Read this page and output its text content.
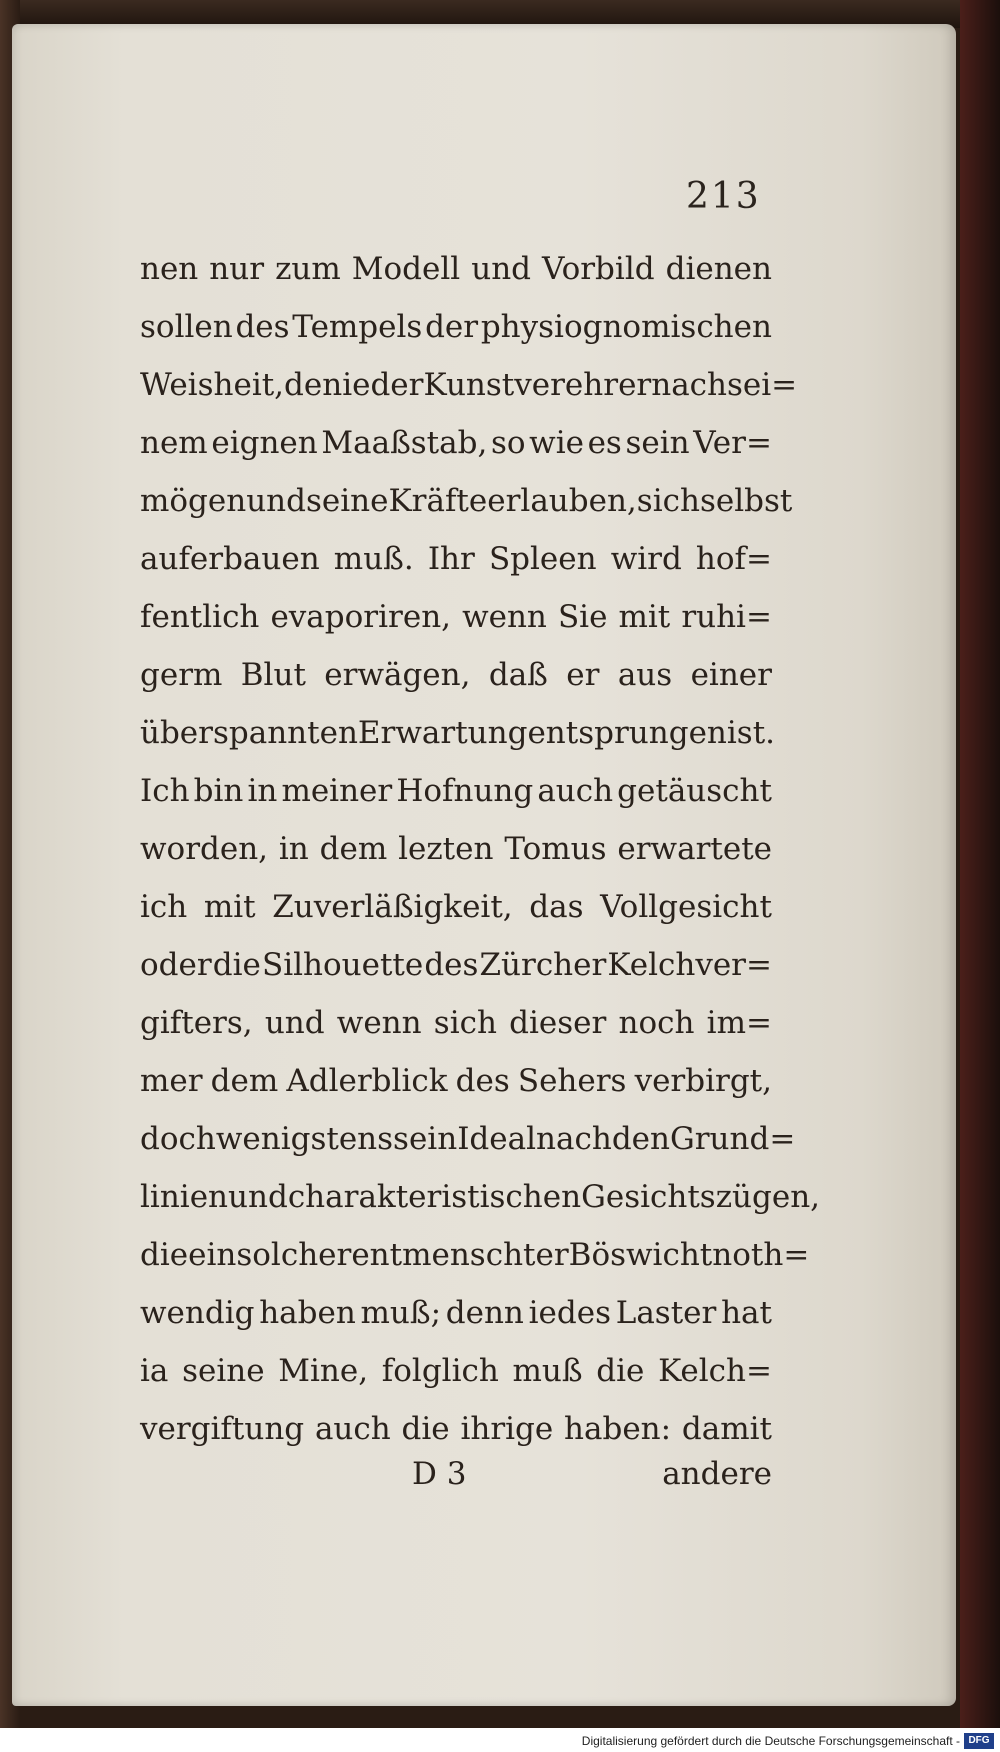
213
nen nur zum Modell und Vorbild dienen
sollen des Tempels der physiognomischen
Weisheit, den ieder Kunstverehrer nach sei=
nem eignen Maaßstab, so wie es sein Ver=
mögen und seine Kräfte erlauben, sich selbst
auferbauen muß. Ihr Spleen wird hof=
fentlich evaporiren, wenn Sie mit ruhi=
germ Blut erwägen, daß er aus einer
überspannten Erwartung entsprungen ist.
Ich bin in meiner Hofnung auch getäuscht
worden, in dem lezten Tomus erwartete
ich mit Zuverläßigkeit, das Vollgesicht
oder die Silhouette des Zürcher Kelchver=
gifters, und wenn sich dieser noch im=
mer dem Adlerblick des Sehers verbirgt,
doch wenigstens sein Ideal nach den Grund=
linien und charakteristischen Gesichtszügen,
die ein solcher entmenschter Böswicht noth=
wendig haben muß; denn iedes Laster hat
ia seine Mine, folglich muß die Kelch=
vergiftung auch die ihrige haben: damit
D 3	andere
Digitalisierung gefördert durch die Deutsche Forschungsgemeinschaft - DFG
